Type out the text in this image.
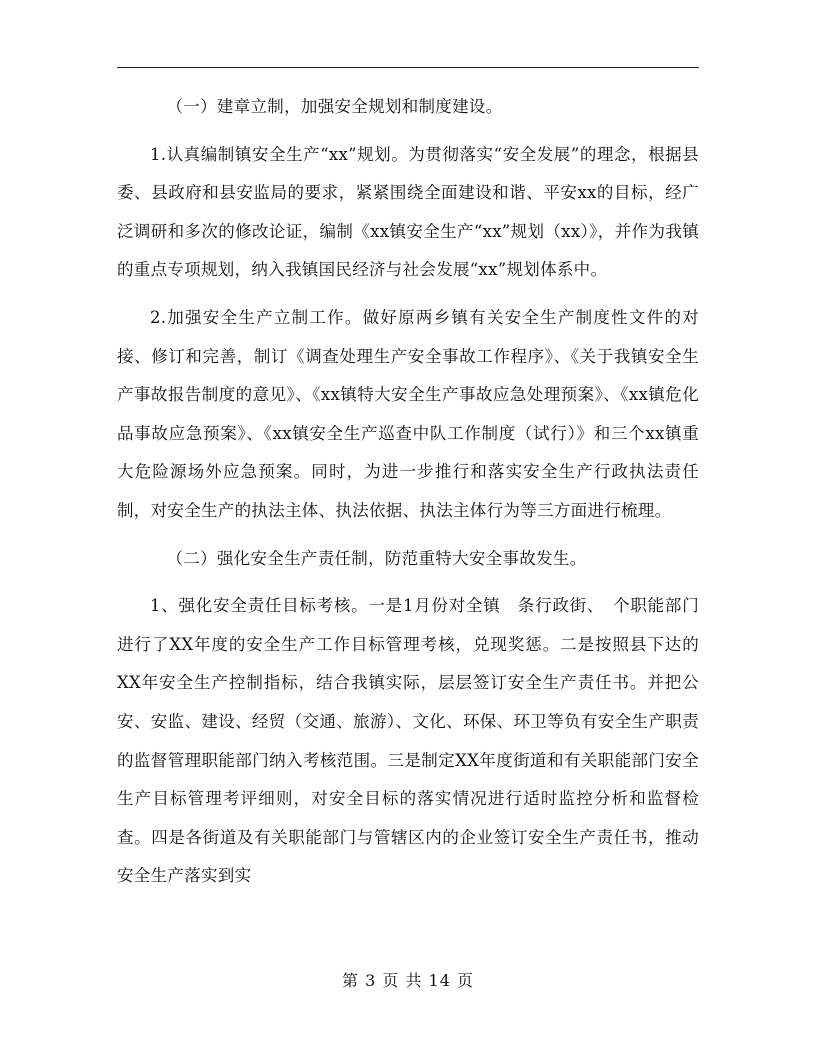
（一）建章立制，加强安全规划和制度建设。

1.认真编制镇安全生产“xx”规划。为贯彻落实“安全发展”的理念，根据县委、县政府和县安监局的要求，紧紧围绕全面建设和谐、平安xx的目标，经广泛调研和多次的修改论证，编制《xx镇安全生产“xx”规划（xx）》，并作为我镇的重点专项规划，纳入我镇国民经济与社会发展“xx”规划体系中。

2.加强安全生产立制工作。做好原两乡镇有关安全生产制度性文件的对接、修订和完善，制订《调查处理生产安全事故工作程序》、《关于我镇安全生产事故报告制度的意见》、《xx镇特大安全生产事故应急处理预案》、《xx镇危化品事故应急预案》、《xx镇安全生产巡查中队工作制度（试行）》和三个xx镇重大危险源场外应急预案。同时，为进一步推行和落实安全生产行政执法责任制，对安全生产的执法主体、执法依据、执法主体行为等三方面进行梳理。

（二）强化安全生产责任制，防范重特大安全事故发生。

1、强化安全责任目标考核。一是1月份对全镇　条行政街、　个职能部门进行了XX年度的安全生产工作目标管理考核，兑现奖惩。二是按照县下达的XX年安全生产控制指标，结合我镇实际，层层签订安全生产责任书。并把公安、安监、建设、经贸（交通、旅游）、文化、环保、环卫等负有安全生产职责的监督管理职能部门纳入考核范围。三是制定XX年度街道和有关职能部门安全生产目标管理考评细则，对安全目标的落实情况进行适时监控分析和监督检查。四是各街道及有关职能部门与管辖区内的企业签订安全生产责任书，推动安全生产落实到实

第 3 页 共 14 页
